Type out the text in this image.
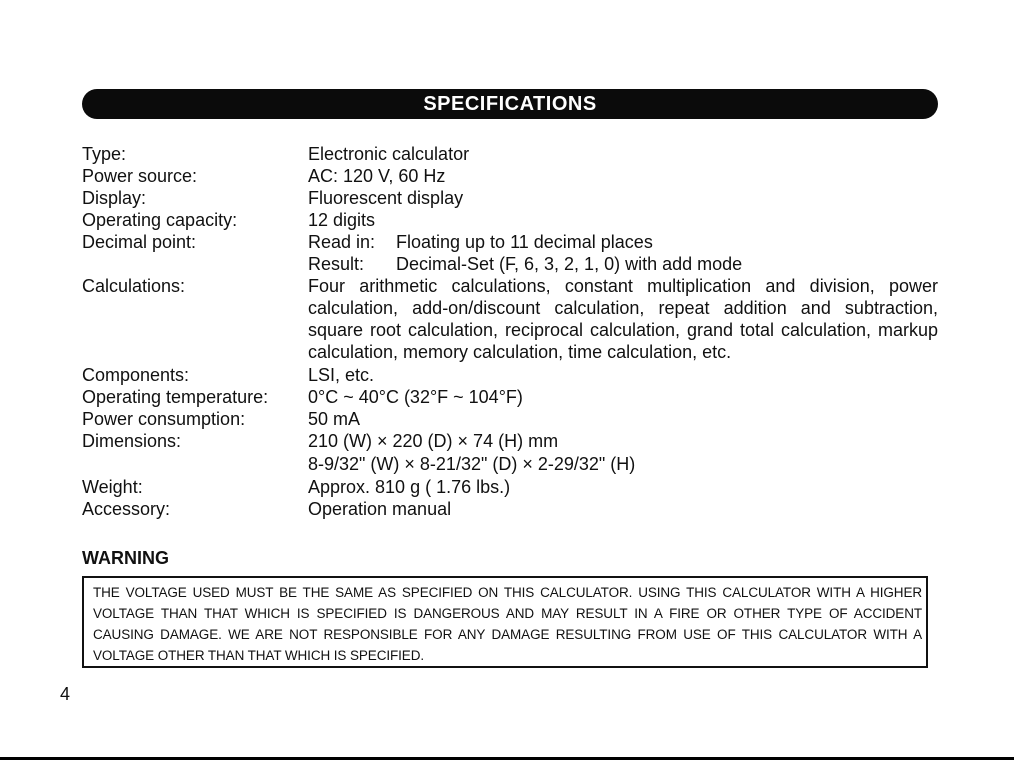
SPECIFICATIONS
Type:	Electronic calculator
Power source:	AC: 120 V, 60 Hz
Display:	Fluorescent display
Operating capacity:	12 digits
Decimal point:	Read in: Floating up to 11 decimal places
Result: Decimal-Set (F, 6, 3, 2, 1, 0) with add mode
Calculations:	Four arithmetic calculations, constant multiplication and division, power calculation, add-on/discount calculation, repeat addition and subtraction, square root calculation, reciprocal calculation, grand total calculation, markup calculation, memory calculation, time calculation, etc.
Components:	LSI, etc.
Operating temperature: 0°C ~ 40°C (32°F ~ 104°F)
Power consumption:	50 mA
Dimensions:	210 (W) × 220 (D) × 74 (H) mm
8-9/32" (W) × 8-21/32" (D) × 2-29/32" (H)
Weight:	Approx. 810 g ( 1.76 lbs.)
Accessory:	Operation manual
WARNING
THE VOLTAGE USED MUST BE THE SAME AS SPECIFIED ON THIS CALCULATOR. USING THIS CALCULATOR WITH A HIGHER VOLTAGE THAN THAT WHICH IS SPECIFIED IS DANGEROUS AND MAY RESULT IN A FIRE OR OTHER TYPE OF ACCIDENT CAUSING DAMAGE. WE ARE NOT RESPONSIBLE FOR ANY DAMAGE RESULTING FROM USE OF THIS CALCULATOR WITH A VOLTAGE OTHER THAN THAT WHICH IS SPECIFIED.
4
